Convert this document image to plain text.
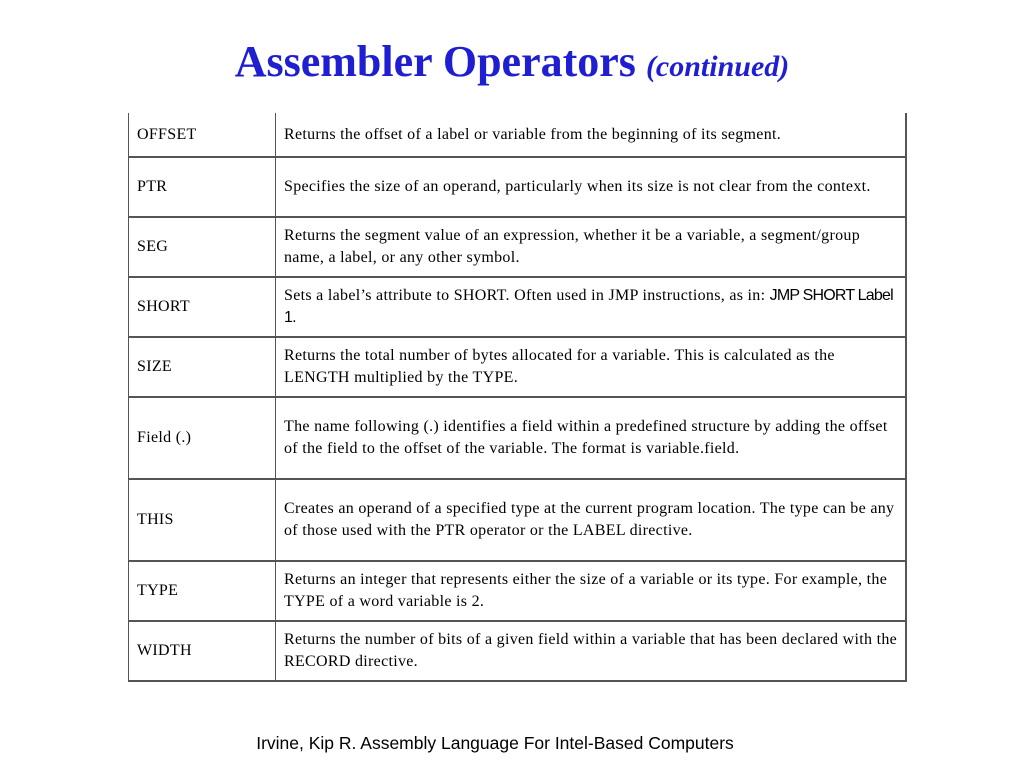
Assembler Operators (continued)
OFFSET	Returns the offset of a label or variable from the beginning of its segment.
PTR	Specifies the size of an operand, particularly when its size is not clear from the context.
SEG	Returns the segment value of an expression, whether it be a variable, a segment/group name, a label, or any other symbol.
SHORT	Sets a label’s attribute to SHORT. Often used in JMP instructions, as in: JMP SHORT Label 1.
SIZE	Returns the total number of bytes allocated for a variable. This is calculated as the LENGTH multiplied by the TYPE.
Field (.)	The name following (.) identifies a field within a predefined structure by adding the offset of the field to the offset of the variable. The format is variable.field.
THIS	Creates an operand of a specified type at the current program location. The type can be any of those used with the PTR operator or the LABEL directive.
TYPE	Returns an integer that represents either the size of a variable or its type. For example, the TYPE of a word variable is 2.
WIDTH	Returns the number of bits of a given field within a variable that has been declared with the RECORD directive.
Irvine, Kip R. Assembly Language For Intel-Based Computers
